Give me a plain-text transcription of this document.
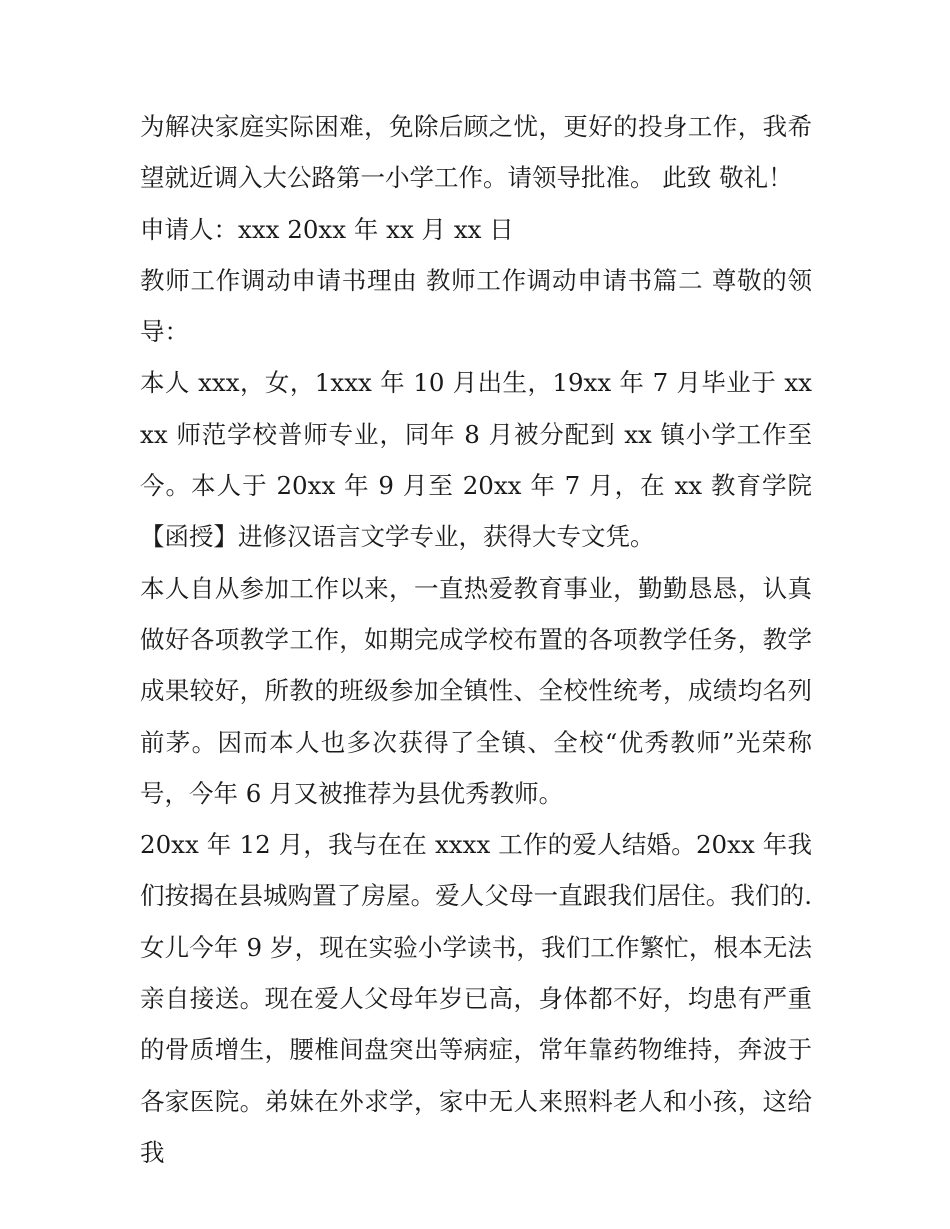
为解决家庭实际困难，免除后顾之忧，更好的投身工作，我希望就近调入大公路第一小学工作。请领导批准。 此致 敬礼！

申请人：xxx 20xx 年 xx 月 xx 日

教师工作调动申请书理由 教师工作调动申请书篇二 尊敬的领导：

本人 xxx，女，1xxx 年 10 月出生，19xx 年 7 月毕业于 xxxx 师范学校普师专业，同年 8 月被分配到 xx 镇小学工作至今。本人于 20xx 年 9 月至 20xx 年 7 月，在 xx 教育学院【函授】进修汉语言文学专业，获得大专文凭。

本人自从参加工作以来，一直热爱教育事业，勤勤恳恳，认真做好各项教学工作，如期完成学校布置的各项教学任务，教学成果较好，所教的班级参加全镇性、全校性统考，成绩均名列前茅。因而本人也多次获得了全镇、全校“优秀教师”光荣称号，今年 6 月又被推荐为县优秀教师。

20xx 年 12 月，我与在在 xxxx 工作的爱人结婚。20xx 年我们按揭在县城购置了房屋。爱人父母一直跟我们居住。我们的.女儿今年 9 岁，现在实验小学读书，我们工作繁忙，根本无法亲自接送。现在爱人父母年岁已高，身体都不好，均患有严重的骨质增生，腰椎间盘突出等病症，常年靠药物维持，奔波于各家医院。弟妹在外求学，家中无人来照料老人和小孩，这给我
